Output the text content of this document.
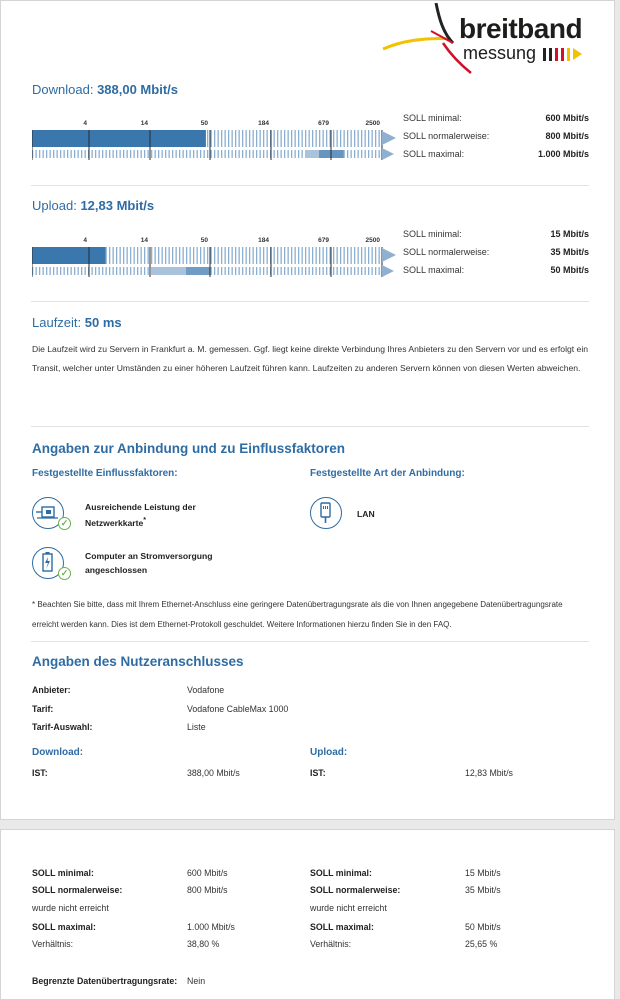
breitband
messung
Download: 388,00 Mbit/s
4	14	50	184	679	2500
SOLL minimal:	600 Mbit/s
SOLL normalerweise:	800 Mbit/s
SOLL maximal:	1.000 Mbit/s
Upload: 12,83 Mbit/s
4	14	50	184	679	2500
SOLL minimal:	15 Mbit/s
SOLL normalerweise:	35 Mbit/s
SOLL maximal:	50 Mbit/s
Laufzeit: 50 ms
Die Laufzeit wird zu Servern in Frankfurt a. M. gemessen. Ggf. liegt keine direkte Verbindung Ihres Anbieters zu den Servern vor und es erfolgt ein Transit, welcher unter Umständen zu einer höheren Laufzeit führen kann. Laufzeiten zu anderen Servern können von diesen Werten abweichen.
Angaben zur Anbindung und zu Einflussfaktoren
Festgestellte Einflussfaktoren:	Festgestellte Art der Anbindung:
✓
Ausreichende Leistung der Netzwerkkarte*
✓
Computer an Stromversorgung angeschlossen
LAN
* Beachten Sie bitte, dass mit Ihrem Ethernet-Anschluss eine geringere Datenübertragungsrate als die von Ihnen angegebene Datenübertragungsrate erreicht werden kann. Dies ist dem Ethernet-Protokoll geschuldet. Weitere Informationen hierzu finden Sie in den FAQ.
Angaben des Nutzeranschlusses
Anbieter:	Vodafone
Tarif:	Vodafone CableMax 1000
Tarif-Auswahl:	Liste
Download:	Upload:
IST:	388,00 Mbit/s	IST:	12,83 Mbit/s
SOLL minimal:	600 Mbit/s
SOLL normalerweise:	800 Mbit/s
wurde nicht erreicht
SOLL maximal:	1.000 Mbit/s
Verhältnis:	38,80 %
SOLL minimal:	15 Mbit/s
SOLL normalerweise:	35 Mbit/s
wurde nicht erreicht
SOLL maximal:	50 Mbit/s
Verhältnis:	25,65 %
Begrenzte Datenübertragungsrate: Nein
